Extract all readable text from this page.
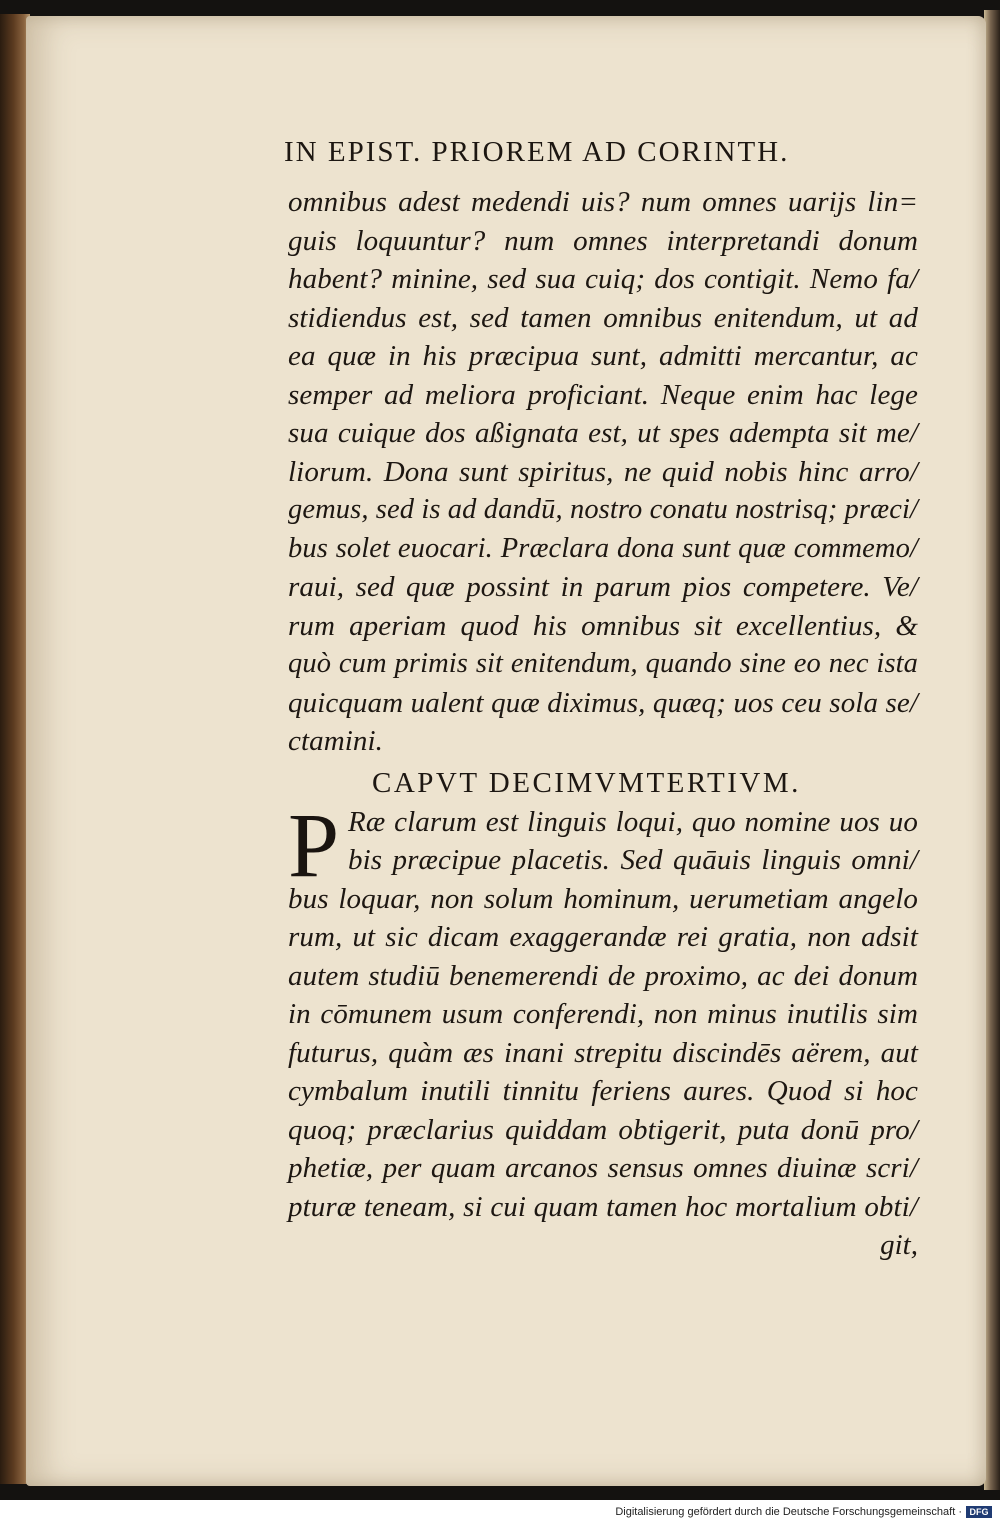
IN EPIST. PRIOREM AD CORINTH.
omnibus adest medendi uis? num omnes uarijs lin=
guis loquuntur? num omnes interpretandi donum
habent? minine, sed sua cuiq; dos contigit. Nemo fa/
stidiendus est, sed tamen omnibus enitendum, ut ad
ea quæ in his præcipua sunt, admitti mercantur, ac
semper ad meliora proficiant. Neque enim hac lege
sua cuique dos aßignata est, ut spes adempta sit me/
liorum. Dona sunt spiritus, ne quid nobis hinc arro/
gemus, sed is ad dandū, nostro conatu nostrisq; præci/
bus solet euocari. Præclara dona sunt quæ commemo/
raui, sed quæ possint in parum pios competere. Ve/
rum aperiam quod his omnibus sit excellentius, &
quò cum primis sit enitendum, quando sine eo nec ista
quicquam ualent quæ diximus, quæq; uos ceu sola se/
ctamini.
CAPVT DECIMVMTERTIVM.
P Ræ clarum est linguis loqui, quo nomine uos uo
bis præcipue placetis. Sed quāuis linguis omni/
bus loquar, non solum hominum, uerumetiam angelo
rum, ut sic dicam exaggerandæ rei gratia, non adsit
autem studiū benemerendi de proximo, ac dei donum
in cōmunem usum conferendi, non minus inutilis sim
futurus, quàm æs inani strepitu discindēs aërem, aut
cymbalum inutili tinnitu feriens aures. Quod si hoc
quoq; præclarius quiddam obtigerit, puta donū pro/
phetiæ, per quam arcanos sensus omnes diuinæ scri/
pturæ teneam, si cui quam tamen hoc mortalium obti/
git,
Digitalisierung gefördert durch die Deutsche Forschungsgemeinschaft · DFG
